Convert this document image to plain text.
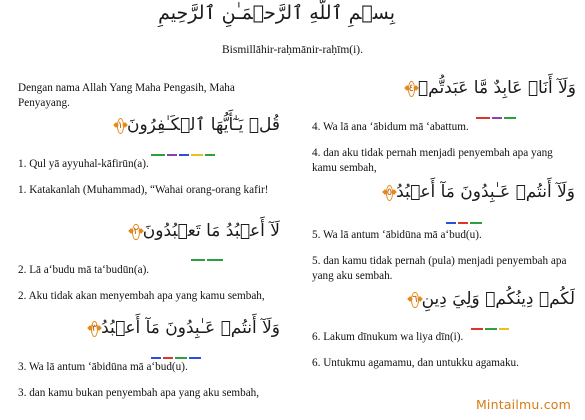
بِسۡمِ ٱللَّهِ ٱلرَّحۡمَـٰنِ ٱلرَّحِيمِ
Bismillāhir-raḥmānir-raḥīm(i).
Dengan nama Allah Yang Maha Pengasih, Maha Penyayang.
قُلۡ يَـٰٓأَيُّهَا ٱلۡكَـٰفِرُونَ
١
1. Qul yā ayyuhal-kāfirūn(a).
1. Katakanlah (Muhammad), “Wahai orang-orang kafir!
لَآ أَعۡبُدُ مَا تَعۡبُدُونَ
٢
2. Lā a‘budu mā ta‘budūn(a).
2. Aku tidak akan menyembah apa yang kamu sembah,
وَلَآ أَنتُمۡ عَـٰبِدُونَ مَآ أَعۡبُدُ
٣
3. Wa lā antum ‘ābidūna mā a‘bud(u).
3. dan kamu bukan penyembah apa yang aku sembah,
وَلَآ أَنَا۠ عَابِدٌ مَّا عَبَدتُّمۡ
٤
4. Wa lā ana ‘ābidum mā ‘abattum.
4. dan aku tidak pernah menjadi penyembah apa yang kamu sembah,
وَلَآ أَنتُمۡ عَـٰبِدُونَ مَآ أَعۡبُدُ
٥
5. Wa lā antum ‘ābidūna mā a‘bud(u).
5. dan kamu tidak pernah (pula) menjadi penyembah apa yang aku sembah.
لَكُمۡ دِينُكُمۡ وَلِيَ دِينِ
٦
6. Lakum dīnukum wa liya dīn(i).
6. Untukmu agamamu, dan untukku agamaku.
Mintailmu.com
